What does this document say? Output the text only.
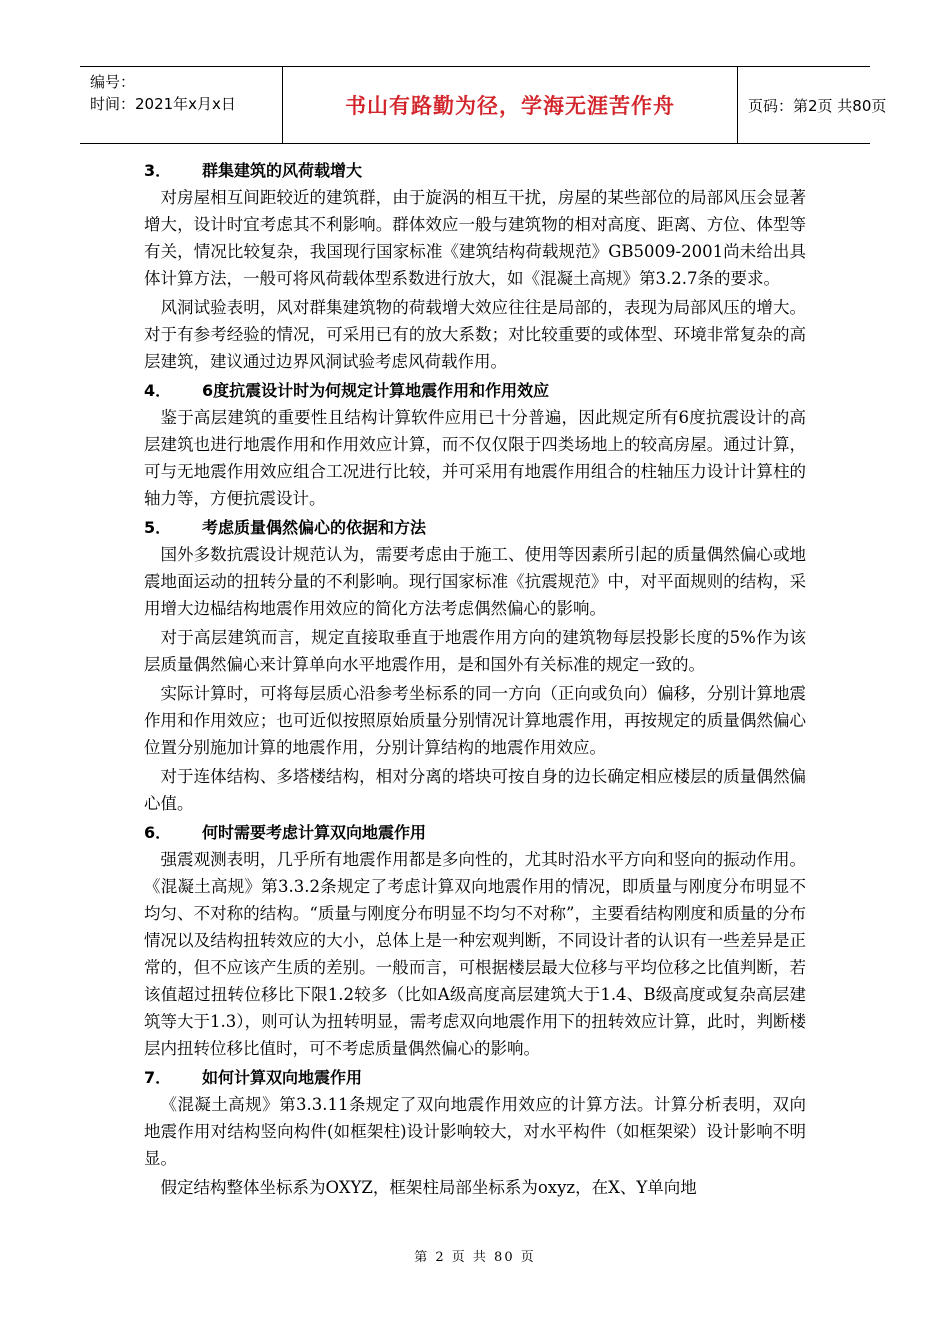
编号：
时间：2021年x月x日	书山有路勤为径，学海无涯苦作舟	页码：第2页 共80页
3． 群集建筑的风荷载增大

对房屋相互间距较近的建筑群，由于旋涡的相互干扰，房屋的某些部位的局部风压会显著增大，设计时宜考虑其不利影响。群体效应一般与建筑物的相对高度、距离、方位、体型等有关，情况比较复杂，我国现行国家标准《建筑结构荷载规范》GB5009-2001尚未给出具体计算方法，一般可将风荷载体型系数进行放大，如《混凝土高规》第3.2.7条的要求。

风洞试验表明，风对群集建筑物的荷载增大效应往往是局部的，表现为局部风压的增大。对于有参考经验的情况，可采用已有的放大系数；对比较重要的或体型、环境非常复杂的高层建筑，建议通过边界风洞试验考虑风荷载作用。

4． 6度抗震设计时为何规定计算地震作用和作用效应

鉴于高层建筑的重要性且结构计算软件应用已十分普遍，因此规定所有6度抗震设计的高层建筑也进行地震作用和作用效应计算，而不仅仅限于四类场地上的较高房屋。通过计算，可与无地震作用效应组合工况进行比较，并可采用有地震作用组合的柱轴压力设计计算柱的轴力等，方便抗震设计。

5． 考虑质量偶然偏心的依据和方法

国外多数抗震设计规范认为，需要考虑由于施工、使用等因素所引起的质量偶然偏心或地震地面运动的扭转分量的不利影响。现行国家标准《抗震规范》中，对平面规则的结构，采用增大边榀结构地震作用效应的简化方法考虑偶然偏心的影响。

对于高层建筑而言，规定直接取垂直于地震作用方向的建筑物每层投影长度的5%作为该层质量偶然偏心来计算单向水平地震作用，是和国外有关标准的规定一致的。

实际计算时，可将每层质心沿参考坐标系的同一方向（正向或负向）偏移，分别计算地震作用和作用效应；也可近似按照原始质量分别情况计算地震作用，再按规定的质量偶然偏心位置分别施加计算的地震作用，分别计算结构的地震作用效应。

对于连体结构、多塔楼结构，相对分离的塔块可按自身的边长确定相应楼层的质量偶然偏心值。

6． 何时需要考虑计算双向地震作用

强震观测表明，几乎所有地震作用都是多向性的，尤其时沿水平方向和竖向的振动作用。《混凝土高规》第3.3.2条规定了考虑计算双向地震作用的情况，即质量与刚度分布明显不均匀、不对称的结构。“质量与刚度分布明显不均匀不对称”，主要看结构刚度和质量的分布情况以及结构扭转效应的大小，总体上是一种宏观判断，不同设计者的认识有一些差异是正常的，但不应该产生质的差别。一般而言，可根据楼层最大位移与平均位移之比值判断，若该值超过扭转位移比下限1.2较多（比如A级高度高层建筑大于1.4、B级高度或复杂高层建筑等大于1.3），则可认为扭转明显，需考虑双向地震作用下的扭转效应计算，此时，判断楼层内扭转位移比值时，可不考虑质量偶然偏心的影响。

7． 如何计算双向地震作用

《混凝土高规》第3.3.11条规定了双向地震作用效应的计算方法。计算分析表明，双向地震作用对结构竖向构件(如框架柱)设计影响较大，对水平构件（如框架梁）设计影响不明显。

假定结构整体坐标系为OXYZ，框架柱局部坐标系为oxyz，在X、Y单向地

第 2 页 共 80 页
